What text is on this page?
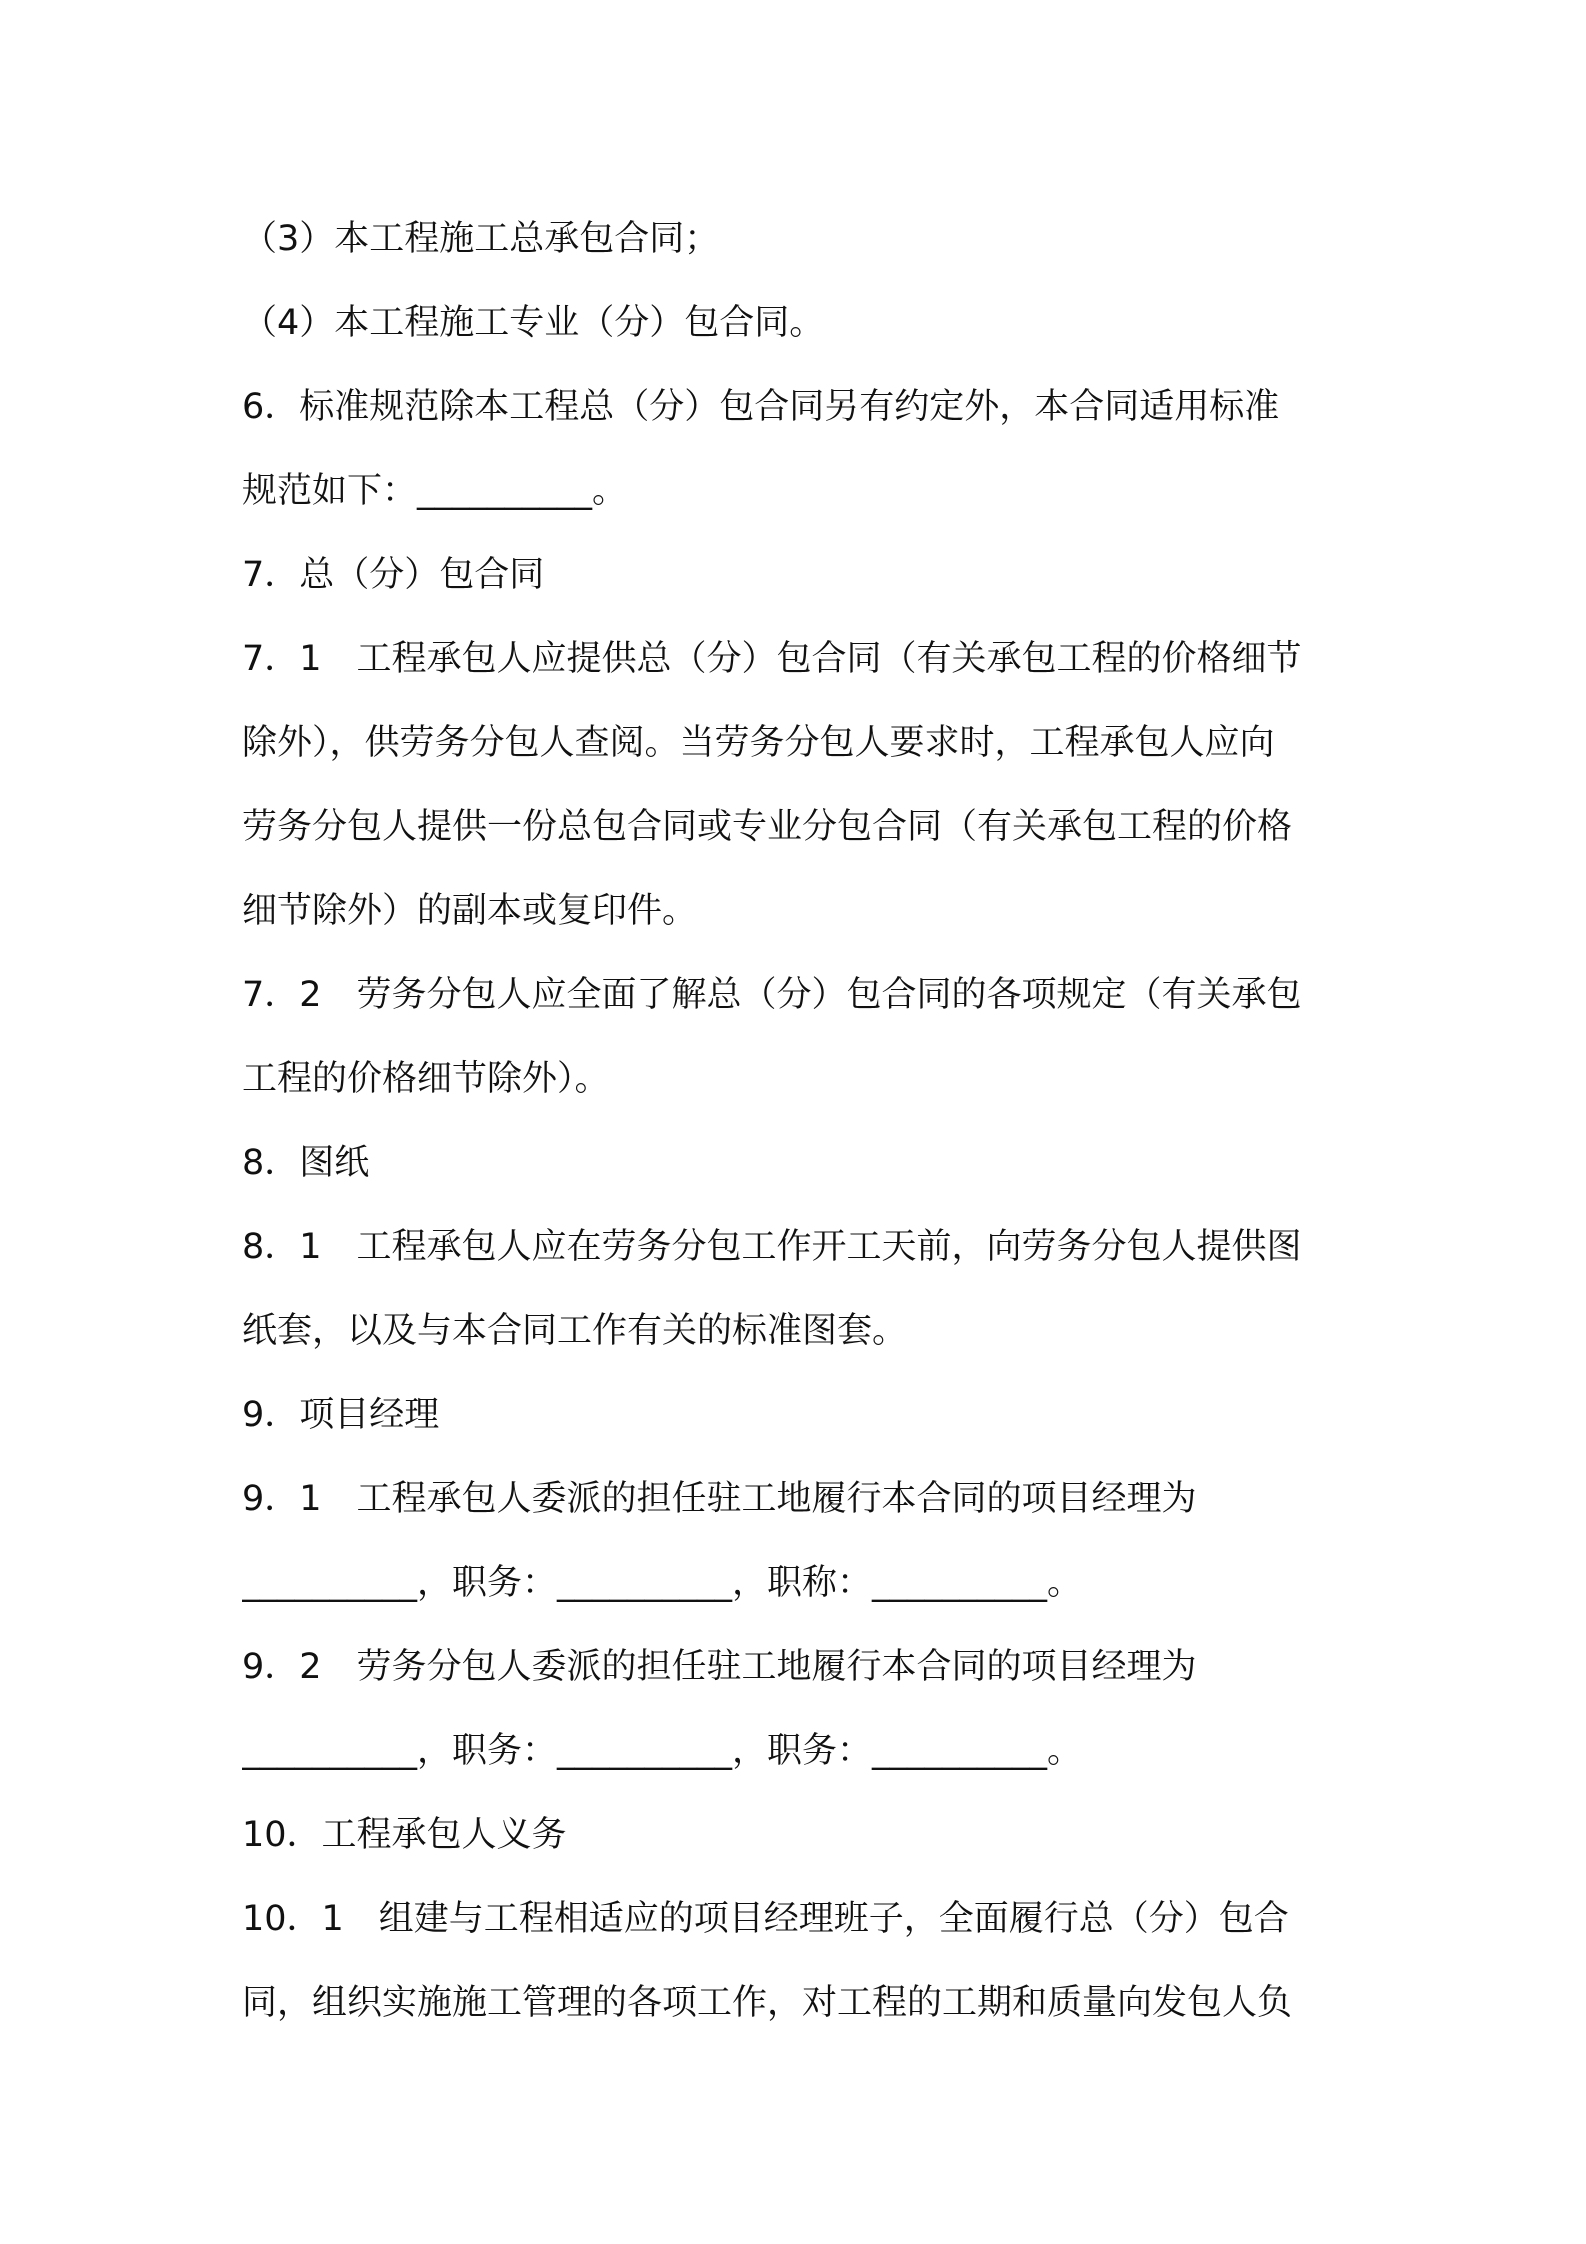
（3）本工程施工总承包合同；
（4）本工程施工专业（分）包合同。
6．标准规范除本工程总（分）包合同另有约定外，本合同适用标准
规范如下：__________。
7．总（分）包合同
7．1　工程承包人应提供总（分）包合同（有关承包工程的价格细节
除外），供劳务分包人查阅。当劳务分包人要求时，工程承包人应向
劳务分包人提供一份总包合同或专业分包合同（有关承包工程的价格
细节除外）的副本或复印件。
7．2　劳务分包人应全面了解总（分）包合同的各项规定（有关承包
工程的价格细节除外）。
8．图纸
8．1　工程承包人应在劳务分包工作开工天前，向劳务分包人提供图
纸套，以及与本合同工作有关的标准图套。
9．项目经理
9．1　工程承包人委派的担任驻工地履行本合同的项目经理为
__________，职务：__________，职称：__________。
9．2　劳务分包人委派的担任驻工地履行本合同的项目经理为
__________，职务：__________，职务：__________。
10．工程承包人义务
10．1　组建与工程相适应的项目经理班子，全面履行总（分）包合
同，组织实施施工管理的各项工作，对工程的工期和质量向发包人负
